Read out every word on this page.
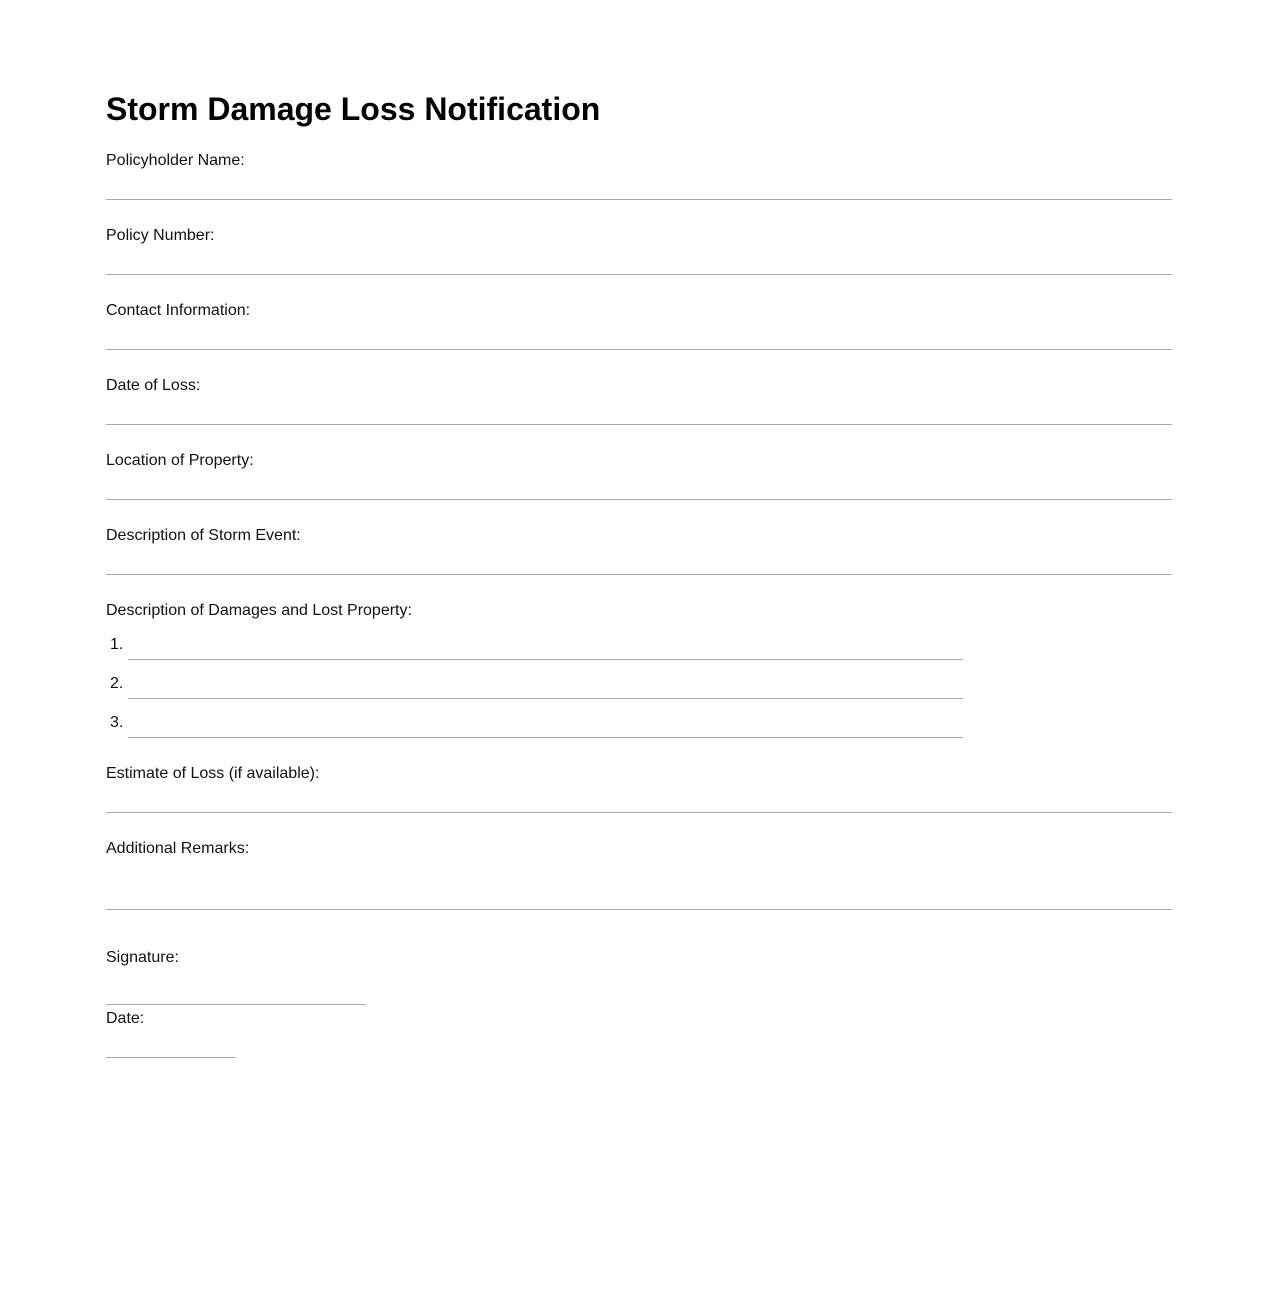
Storm Damage Loss Notification
Policyholder Name:
Policy Number:
Contact Information:
Date of Loss:
Location of Property:
Description of Storm Event:
Description of Damages and Lost Property:
1.
2.
3.
Estimate of Loss (if available):
Additional Remarks:
Signature:
Date:
